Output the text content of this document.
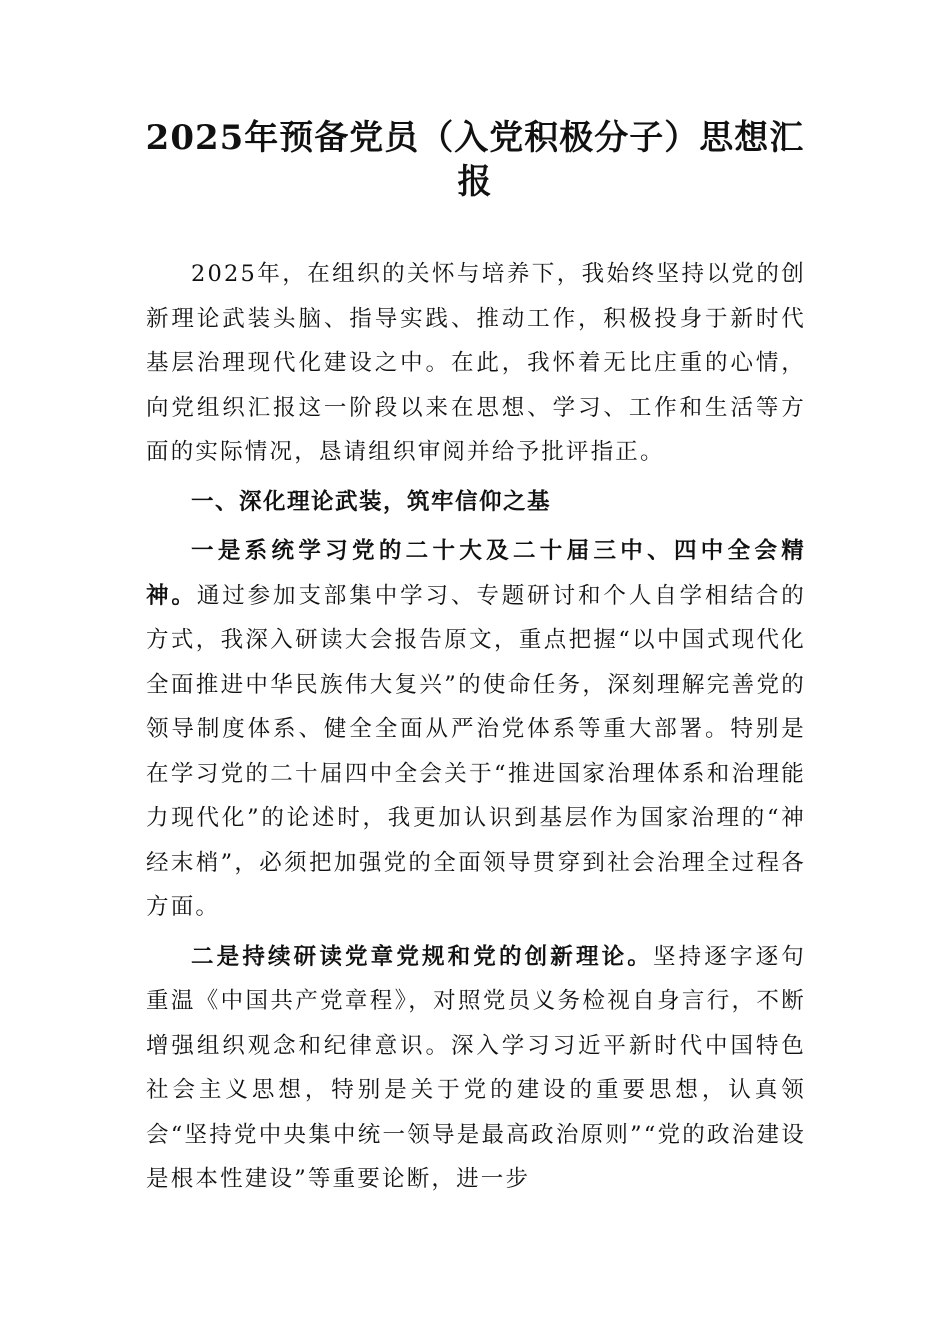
2025年预备党员（入党积极分子）思想汇报

2025年，在组织的关怀与培养下，我始终坚持以党的创新理论武装头脑、指导实践、推动工作，积极投身于新时代基层治理现代化建设之中。在此，我怀着无比庄重的心情，向党组织汇报这一阶段以来在思想、学习、工作和生活等方面的实际情况，恳请组织审阅并给予批评指正。

一、深化理论武装，筑牢信仰之基

一是系统学习党的二十大及二十届三中、四中全会精神。通过参加支部集中学习、专题研讨和个人自学相结合的方式，我深入研读大会报告原文，重点把握“以中国式现代化全面推进中华民族伟大复兴”的使命任务，深刻理解完善党的领导制度体系、健全全面从严治党体系等重大部署。特别是在学习党的二十届四中全会关于“推进国家治理体系和治理能力现代化”的论述时，我更加认识到基层作为国家治理的“神经末梢”，必须把加强党的全面领导贯穿到社会治理全过程各方面。

二是持续研读党章党规和党的创新理论。坚持逐字逐句重温《中国共产党章程》，对照党员义务检视自身言行，不断增强组织观念和纪律意识。深入学习习近平新时代中国特色社会主义思想，特别是关于党的建设的重要思想，认真领会“坚持党中央集中统一领导是最高政治原则”“党的政治建设是根本性建设”等重要论断，进一步
